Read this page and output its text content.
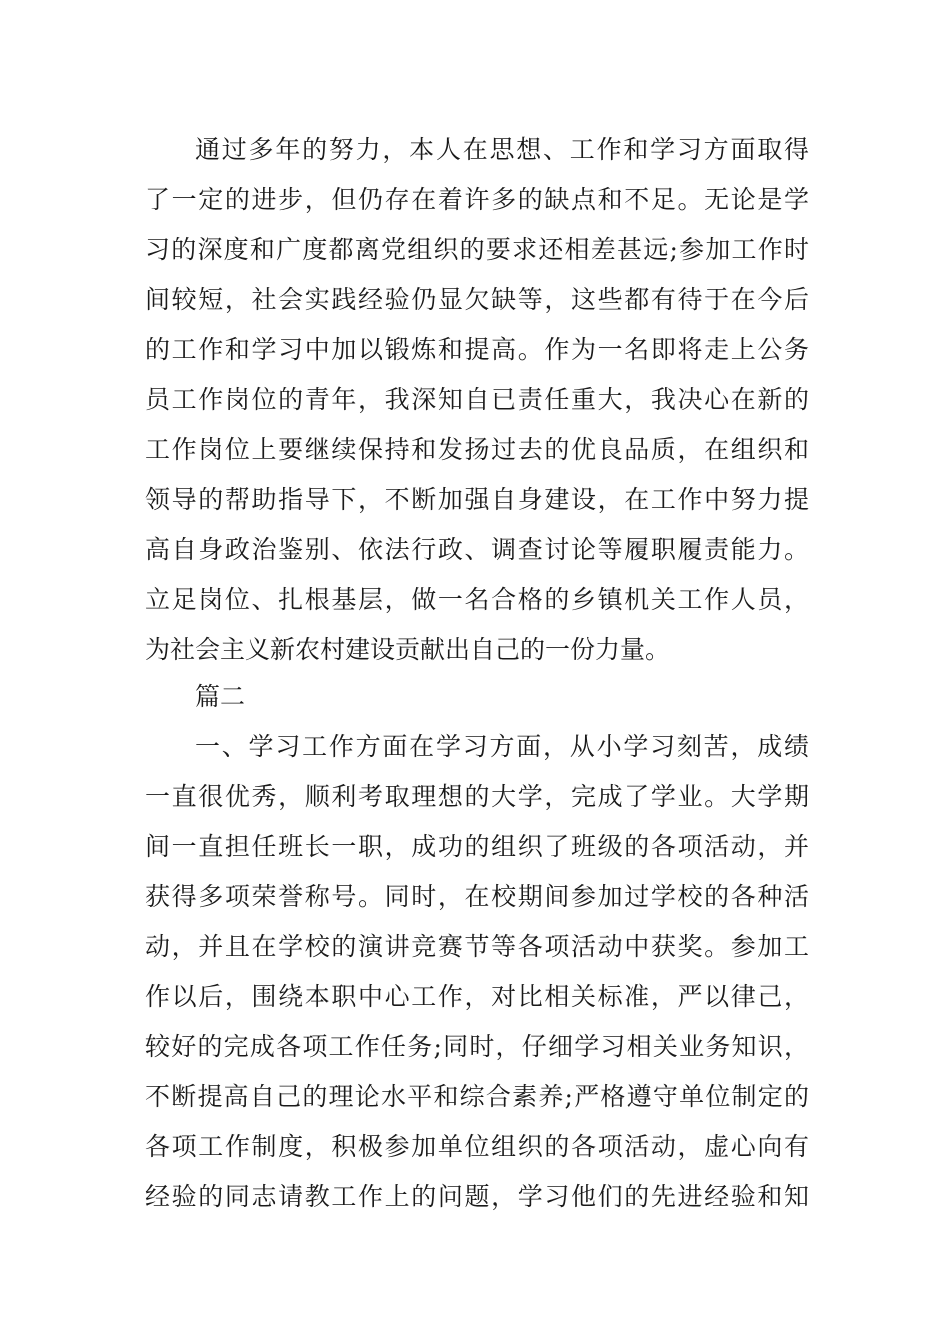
通过多年的努力，本人在思想、工作和学习方面取得
了一定的进步，但仍存在着许多的缺点和不足。无论是学
习的深度和广度都离党组织的要求还相差甚远;参加工作时
间较短，社会实践经验仍显欠缺等，这些都有待于在今后
的工作和学习中加以锻炼和提高。作为一名即将走上公务
员工作岗位的青年，我深知自已责任重大，我决心在新的
工作岗位上要继续保持和发扬过去的优良品质，在组织和
领导的帮助指导下，不断加强自身建设，在工作中努力提
高自身政治鉴别、依法行政、调查讨论等履职履责能力。
立足岗位、扎根基层，做一名合格的乡镇机关工作人员，
为社会主义新农村建设贡献出自己的一份力量。
篇二
一、学习工作方面在学习方面，从小学习刻苦，成绩
一直很优秀，顺利考取理想的大学，完成了学业。大学期
间一直担任班长一职，成功的组织了班级的各项活动，并
获得多项荣誉称号。同时，在校期间参加过学校的各种活
动，并且在学校的演讲竞赛节等各项活动中获奖。参加工
作以后，围绕本职中心工作，对比相关标准，严以律己，
较好的完成各项工作任务;同时，仔细学习相关业务知识，
不断提高自己的理论水平和综合素养;严格遵守单位制定的
各项工作制度，积极参加单位组织的各项活动，虚心向有
经验的同志请教工作上的问题，学习他们的先进经验和知
